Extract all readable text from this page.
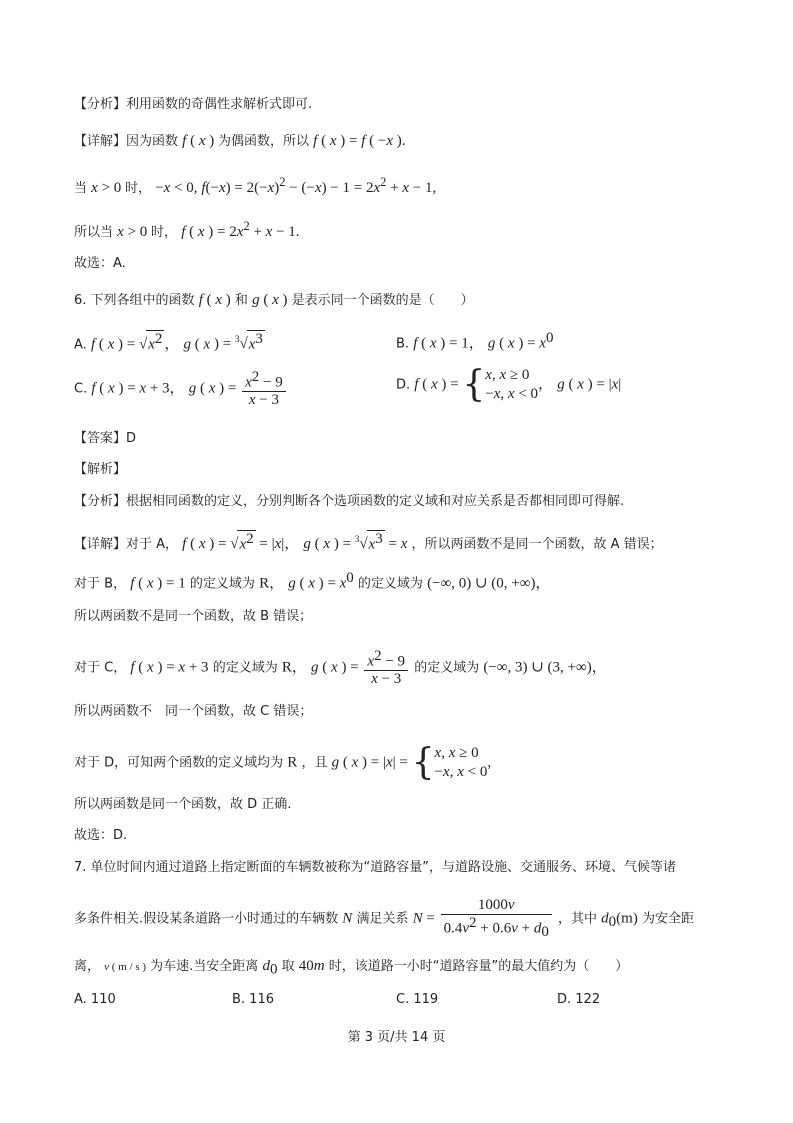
【分析】利用函数的奇偶性求解析式即可.
【详解】因为函数 f ( x ) 为偶函数，所以 f ( x ) = f ( −x ).
当 x > 0 时， −x < 0, $f(-x) = 2(-x)^2 - (-x) - 1 = 2x^2 + x - 1$,
所以当 x > 0 时， f ( x ) = $2x^2 + x - 1$.
故选：A.
6. 下列各组中的函数 f ( x ) 和 g ( x ) 是表示同一个函数的是（　　）
A. f ( x ) = $√x^2$ ， g ( x ) = $^3√x^3$	B. f ( x ) = 1， g ( x ) = $x^0$
C. f ( x ) = x + 3， g ( x ) = $\frac{x^2 - 9}{x - 3}$	D. f ( x ) = {x, x ≥ 0
−x, x < 0， g ( x ) = |x|
【答案】D
【解析】
【分析】根据相同函数的定义，分别判断各个选项函数的定义域和对应关系是否都相同即可得解.
【详解】对于 A， f ( x ) = $√x^2 = |x|$， g ( x ) = $^3√x^3 = x$ ，所以两函数不是同一个函数，故 A 错误；
对于 B， f ( x ) = 1 的定义域为 R， g ( x ) = $x^0$ 的定义域为 (−∞, 0) ∪ (0, +∞)，
所以两函数不是同一个函数，故 B 错误；
对于 C， f ( x ) = x + 3 的定义域为 R， g ( x ) = $\frac{x^2 - 9}{x - 3}$ 的定义域为 (−∞, 3) ∪ (3, +∞)，
所以两函数不　同一个函数，故 C 错误；
对于 D，可知两个函数的定义域均为 R ，且 g ( x ) = |x| = {x, x ≥ 0
−x, x < 0,
所以两函数是同一个函数，故 D 正确.
故选：D.
7. 单位时间内通过道路上指定断面的车辆数被称为“道路容量”，与道路设施、交通服务、环境、气候等诸
多条件相关.假设某条道路一小时通过的车辆数 N 满足关系 $N = \frac{1000v}{0.4v^2 + 0.6v + d_0}$ ，其中 $d_0(m)$ 为安全距
离， v ( m / s ) 为车速.当安全距离 $d_0$ 取 40m 时，该道路一小时“道路容量”的最大值约为（　　）
A. 110	B. 116	C. 119	D. 122
第 3 页/共 14 页
